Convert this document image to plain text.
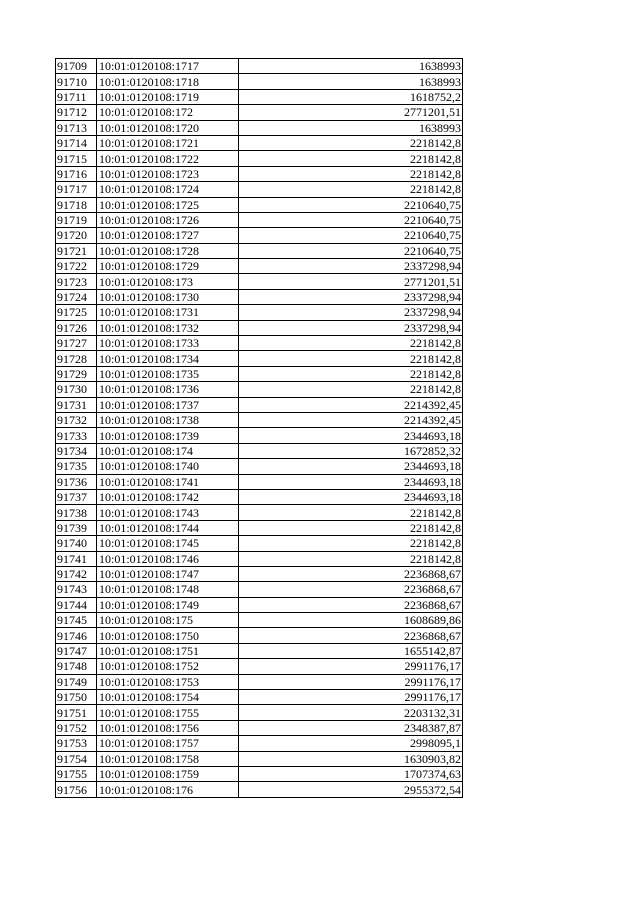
91709	10:01:0120108:1717	1638993
91710	10:01:0120108:1718	1638993
91711	10:01:0120108:1719	1618752,2
91712	10:01:0120108:172	2771201,51
91713	10:01:0120108:1720	1638993
91714	10:01:0120108:1721	2218142,8
91715	10:01:0120108:1722	2218142,8
91716	10:01:0120108:1723	2218142,8
91717	10:01:0120108:1724	2218142,8
91718	10:01:0120108:1725	2210640,75
91719	10:01:0120108:1726	2210640,75
91720	10:01:0120108:1727	2210640,75
91721	10:01:0120108:1728	2210640,75
91722	10:01:0120108:1729	2337298,94
91723	10:01:0120108:173	2771201,51
91724	10:01:0120108:1730	2337298,94
91725	10:01:0120108:1731	2337298,94
91726	10:01:0120108:1732	2337298,94
91727	10:01:0120108:1733	2218142,8
91728	10:01:0120108:1734	2218142,8
91729	10:01:0120108:1735	2218142,8
91730	10:01:0120108:1736	2218142,8
91731	10:01:0120108:1737	2214392,45
91732	10:01:0120108:1738	2214392,45
91733	10:01:0120108:1739	2344693,18
91734	10:01:0120108:174	1672852,32
91735	10:01:0120108:1740	2344693,18
91736	10:01:0120108:1741	2344693,18
91737	10:01:0120108:1742	2344693,18
91738	10:01:0120108:1743	2218142,8
91739	10:01:0120108:1744	2218142,8
91740	10:01:0120108:1745	2218142,8
91741	10:01:0120108:1746	2218142,8
91742	10:01:0120108:1747	2236868,67
91743	10:01:0120108:1748	2236868,67
91744	10:01:0120108:1749	2236868,67
91745	10:01:0120108:175	1608689,86
91746	10:01:0120108:1750	2236868,67
91747	10:01:0120108:1751	1655142,87
91748	10:01:0120108:1752	2991176,17
91749	10:01:0120108:1753	2991176,17
91750	10:01:0120108:1754	2991176,17
91751	10:01:0120108:1755	2203132,31
91752	10:01:0120108:1756	2348387,87
91753	10:01:0120108:1757	2998095,1
91754	10:01:0120108:1758	1630903,82
91755	10:01:0120108:1759	1707374,63
91756	10:01:0120108:176	2955372,54
